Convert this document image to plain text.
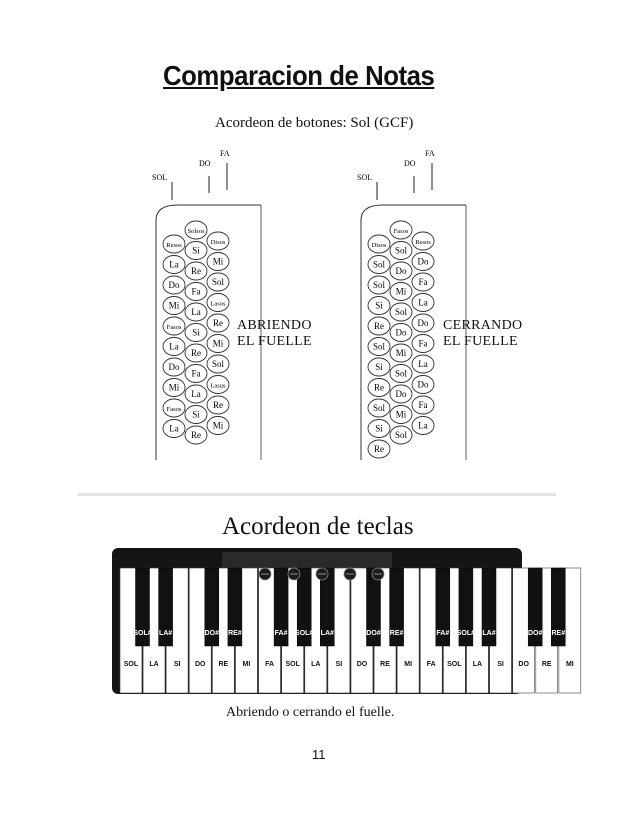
Comparacion de Notas
Acordeon de botones: Sol (GCF)
SOL
DO
FA
Resos
La
Do
Mi
Fasos
La
Do
Mi
Fasos
La
Solsos
Si
Re
Fa
La
Si
Re
Fa
La
Si
Re
Disos
Mi
Sol
Lasos
Re
Mi
Sol
Lasus
Re
Mi
SOL
DO
FA
Disos
Sol
Sol
Si
Re
Sol
Si
Re
Sol
Si
Re
Fasos
Sol
Do
Mi
Sol
Do
Mi
Sol
Do
Mi
Sol
Resos
Do
Fa
La
Do
Fa
La
Do
Fa
La
ABRIENDO
EL FUELLE
CERRANDO
EL FUELLE
Acordeon de teclas
SOL LA SI DO RE MI FA SOL LA SI DO RE MI FA SOL LA SI DO RE MI
SOL# LA#	DO# RE#	FA# SOL# LA#	DO# RE#	FA# SOL# LA#	DO# RE#
Abriendo o cerrando el fuelle.
11
